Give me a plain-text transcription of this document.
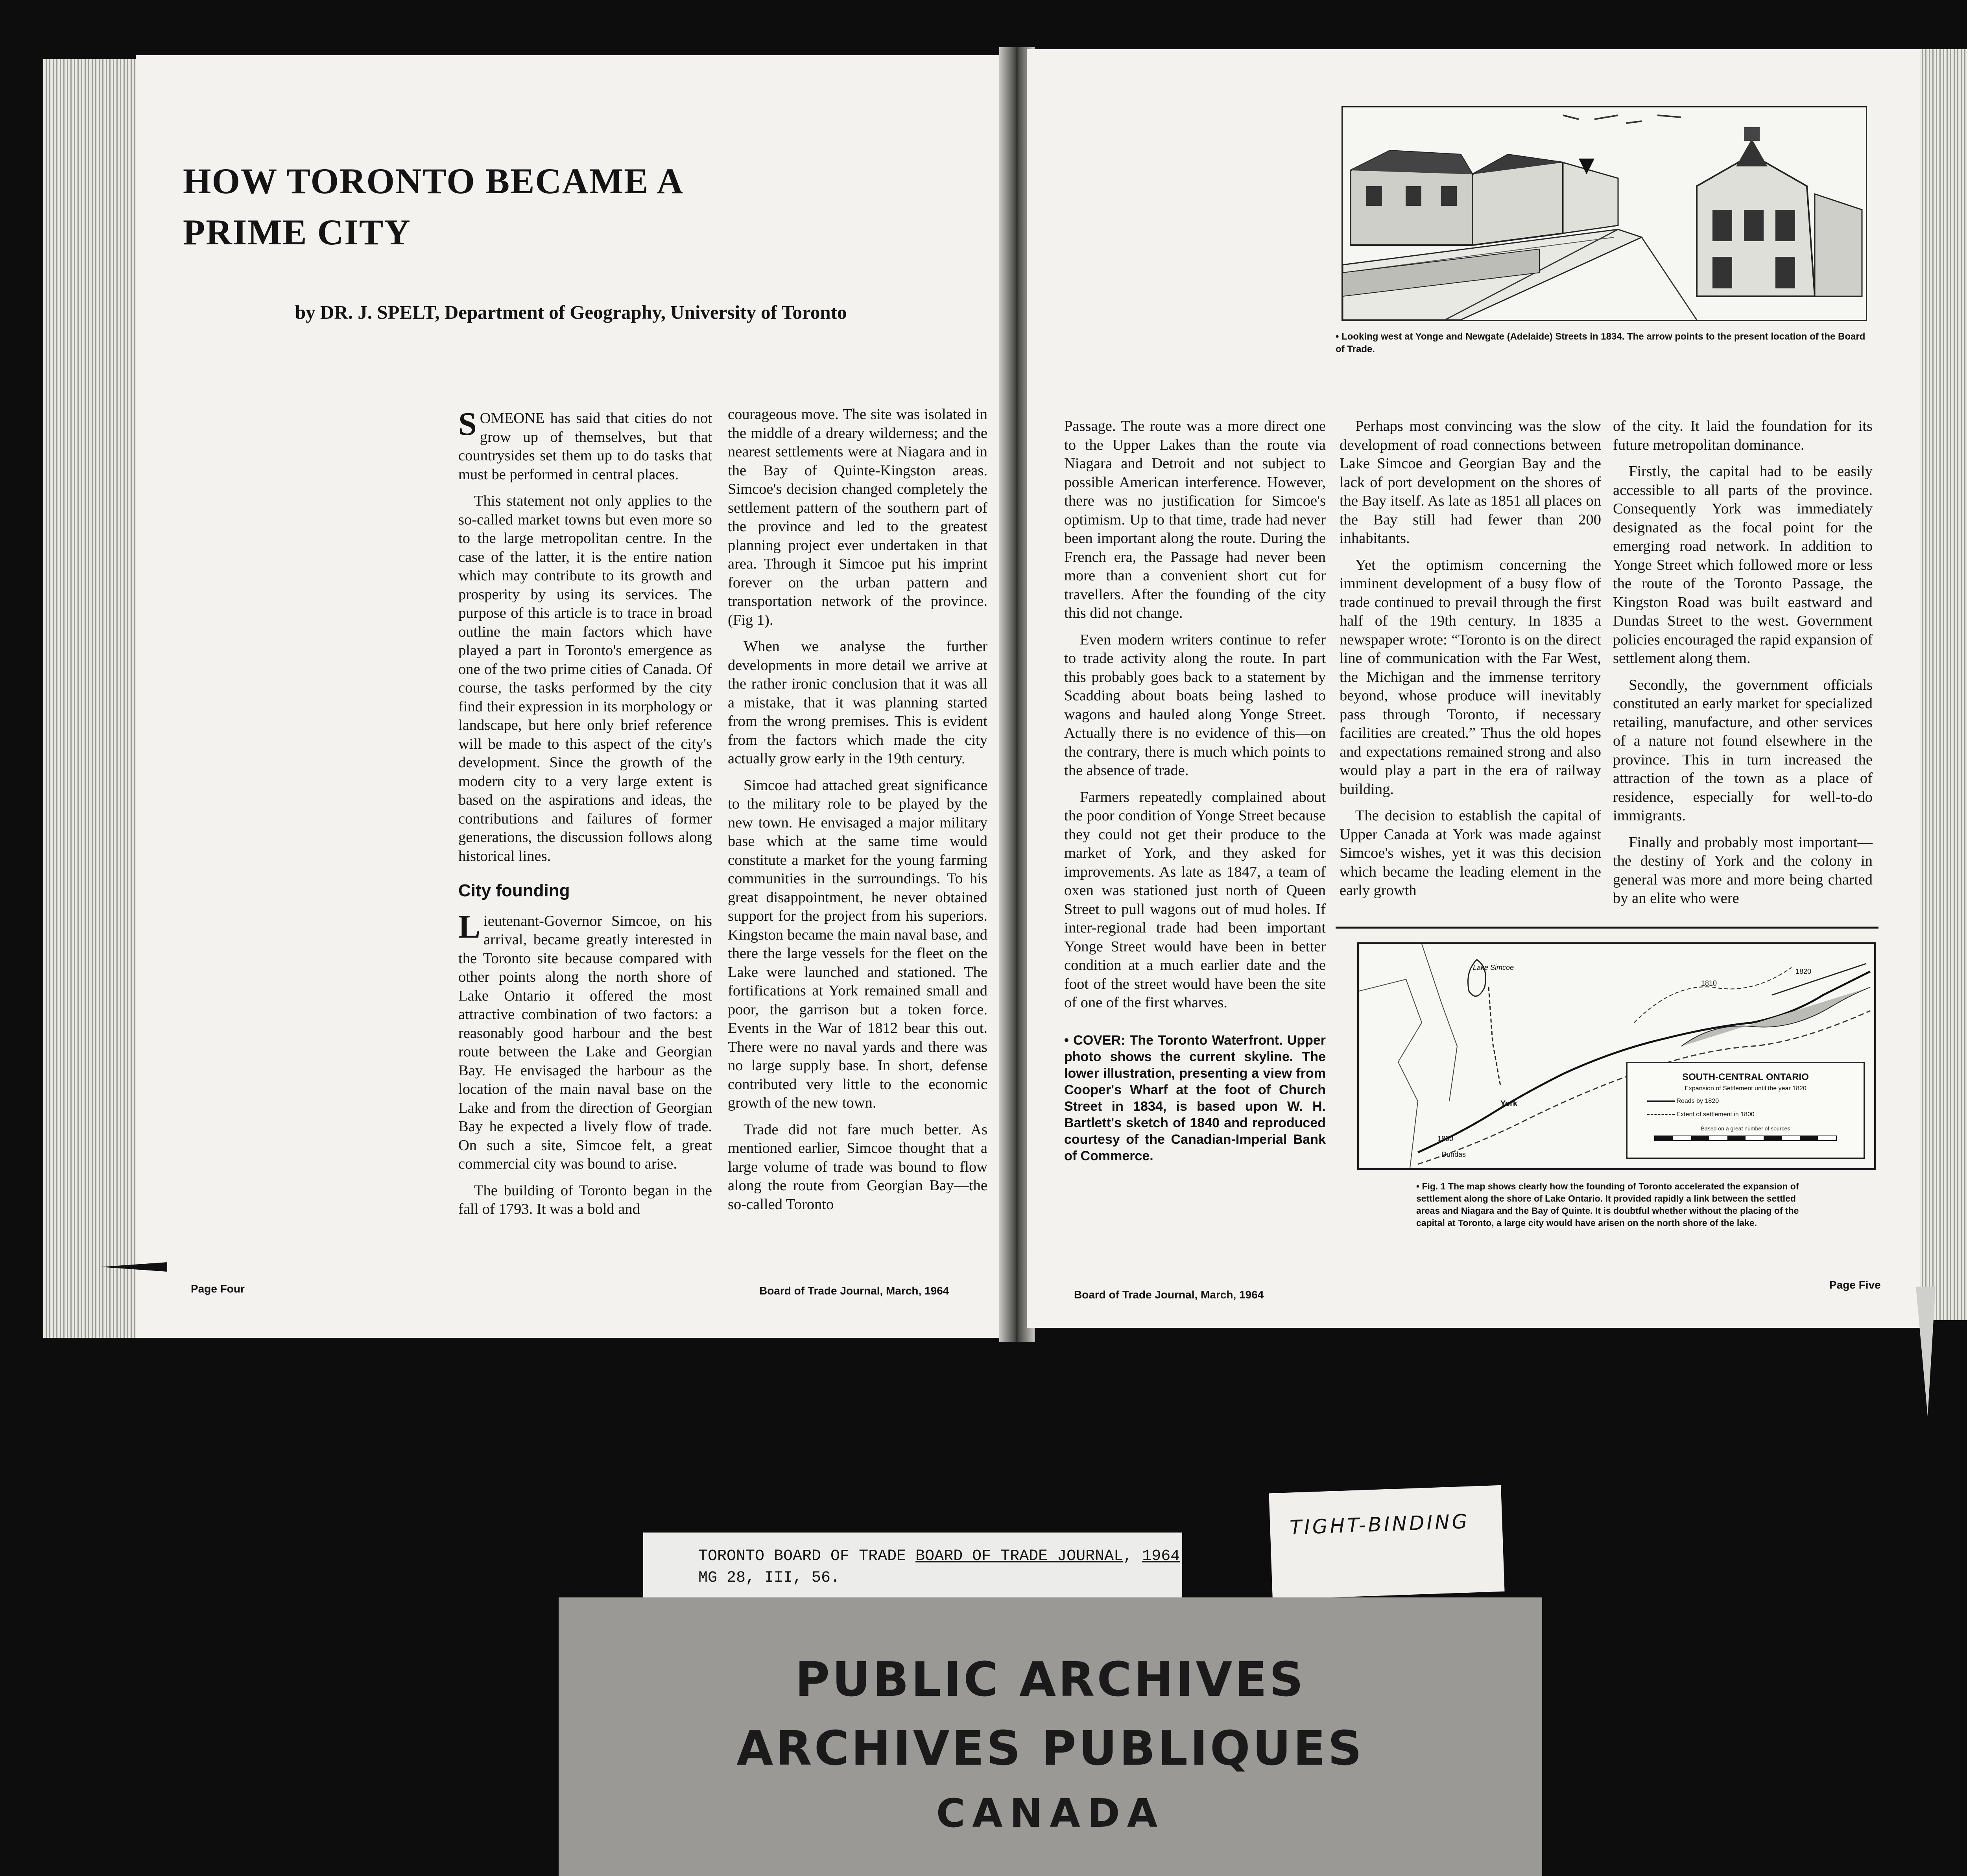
HOW TORONTO BECAME A
PRIME CITY
by DR. J. SPELT, Department of Geography, University of Toronto

SOMEONE has said that cities do not grow up of themselves, but that countrysides set them up to do tasks that must be performed in central places.

This statement not only applies to the so-called market towns but even more so to the large metropolitan centre. In the case of the latter, it is the entire nation which may contribute to its growth and prosperity by using its services. The purpose of this article is to trace in broad outline the main factors which have played a part in Toronto's emergence as one of the two prime cities of Canada. Of course, the tasks performed by the city find their expression in its morphology or landscape, but here only brief reference will be made to this aspect of the city's development. Since the growth of the modern city to a very large extent is based on the aspirations and ideas, the contributions and failures of former generations, the discussion follows along historical lines.

City founding

Lieutenant-Governor Simcoe, on his arrival, became greatly interested in the Toronto site because compared with other points along the north shore of Lake Ontario it offered the most attractive combination of two factors: a reasonably good harbour and the best route between the Lake and Georgian Bay. He envisaged the harbour as the location of the main naval base on the Lake and from the direction of Georgian Bay he expected a lively flow of trade. On such a site, Simcoe felt, a great commercial city was bound to arise.

The building of Toronto began in the fall of 1793. It was a bold and

courageous move. The site was isolated in the middle of a dreary wilderness; and the nearest settlements were at Niagara and in the Bay of Quinte-Kingston areas. Simcoe's decision changed completely the settlement pattern of the southern part of the province and led to the greatest planning project ever undertaken in that area. Through it Simcoe put his imprint forever on the urban pattern and transportation network of the province. (Fig 1).

When we analyse the further developments in more detail we arrive at the rather ironic conclusion that it was all a mistake, that it was planning started from the wrong premises. This is evident from the factors which made the city actually grow early in the 19th century.

Simcoe had attached great significance to the military role to be played by the new town. He envisaged a major military base which at the same time would constitute a market for the young farming communities in the surroundings. To his great disappointment, he never obtained support for the project from his superiors. Kingston became the main naval base, and there the large vessels for the fleet on the Lake were launched and stationed. The fortifications at York remained small and poor, the garrison but a token force. Events in the War of 1812 bear this out. There were no naval yards and there was no large supply base. In short, defense contributed very little to the economic growth of the new town.

Trade did not fare much better. As mentioned earlier, Simcoe thought that a large volume of trade was bound to flow along the route from Georgian Bay—the so-called Toronto

Page Four	Board of Trade Journal, March, 1964
• Looking west at Yonge and Newgate (Adelaide) Streets in 1834. The arrow points to the present location of the Board of Trade.

Passage. The route was a more direct one to the Upper Lakes than the route via Niagara and Detroit and not subject to possible American interference. However, there was no justification for Simcoe's optimism. Up to that time, trade had never been important along the route. During the French era, the Passage had never been more than a convenient short cut for travellers. After the founding of the city this did not change.

Even modern writers continue to refer to trade activity along the route. In part this probably goes back to a statement by Scadding about boats being lashed to wagons and hauled along Yonge Street. Actually there is no evidence of this—on the contrary, there is much which points to the absence of trade.

Farmers repeatedly complained about the poor condition of Yonge Street because they could not get their produce to the market of York, and they asked for improvements. As late as 1847, a team of oxen was stationed just north of Queen Street to pull wagons out of mud holes. If inter-regional trade had been important Yonge Street would have been in better condition at a much earlier date and the foot of the street would have been the site of one of the first wharves.

• COVER: The Toronto Waterfront. Upper photo shows the current skyline. The lower illustration, presenting a view from Cooper's Wharf at the foot of Church Street in 1834, is based upon W. H. Bartlett's sketch of 1840 and reproduced courtesy of the Canadian-Imperial Bank of Commerce.

Perhaps most convincing was the slow development of road connections between Lake Simcoe and Georgian Bay and the lack of port development on the shores of the Bay itself. As late as 1851 all places on the Bay still had fewer than 200 inhabitants.

Yet the optimism concerning the imminent development of a busy flow of trade continued to prevail through the first half of the 19th century. In 1835 a newspaper wrote: “Toronto is on the direct line of communication with the Far West, the Michigan and the immense territory beyond, whose produce will inevitably pass through Toronto, if necessary facilities are created.” Thus the old hopes and expectations remained strong and also would play a part in the era of railway building.

The decision to establish the capital of Upper Canada at York was made against Simcoe's wishes, yet it was this decision which became the leading element in the early growth

of the city. It laid the foundation for its future metropolitan dominance.

Firstly, the capital had to be easily accessible to all parts of the province. Consequently York was immediately designated as the focal point for the emerging road network. In addition to Yonge Street which followed more or less the route of the Toronto Passage, the Kingston Road was built eastward and Dundas Street to the west. Government policies encouraged the rapid expansion of settlement along them.

Secondly, the government officials constituted an early market for specialized retailing, manufacture, and other services of a nature not found elsewhere in the province. This in turn increased the attraction of the town as a place of residence, especially for well-to-do immigrants.

Finally and probably most important—the destiny of York and the colony in general was more and more being charted by an elite who were

Lake Simcoe
York
1800
1810
1820
Dundas
SOUTH-CENTRAL ONTARIO
Expansion of Settlement until the year 1820
Roads by 1820
Extent of settlement in 1800
Based on a great number of sources
• Fig. 1 The map shows clearly how the founding of Toronto accelerated the expansion of settlement along the shore of Lake Ontario. It provided rapidly a link between the settled areas and Niagara and the Bay of Quinte. It is doubtful whether without the placing of the capital at Toronto, a large city would have arisen on the north shore of the lake.
Board of Trade Journal, March, 1964
Page Five
TORONTO BOARD OF TRADE BOARD OF TRADE JOURNAL, 1964
MG 28, III, 56.
TIGHT-BINDING
PUBLIC ARCHIVES
ARCHIVES PUBLIQUES
CANADA
